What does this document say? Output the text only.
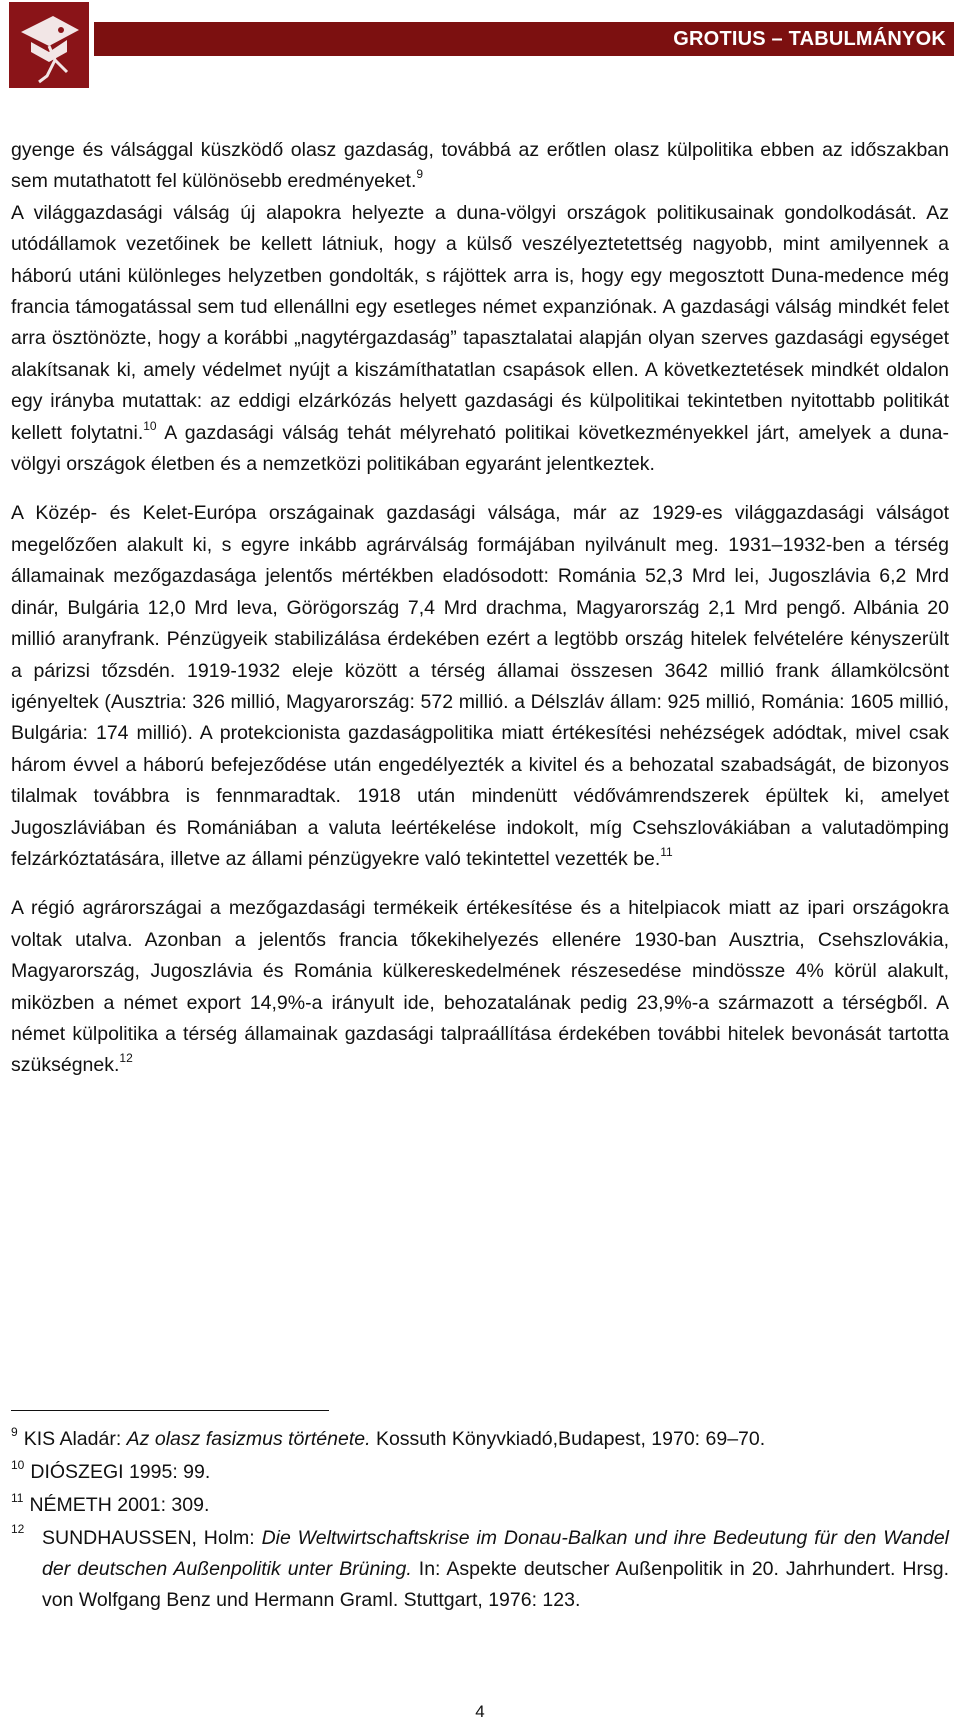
GROTIUS – TABULMÁNYOK

gyenge és válsággal küszködő olasz gazdaság, továbbá az erőtlen olasz külpolitika ebben az időszakban sem mutathatott fel különösebb eredményeket.$^9$

A világgazdasági válság új alapokra helyezte a duna-völgyi országok politikusainak gondolkodását. Az utódállamok vezetőinek be kellett látniuk, hogy a külső veszélyeztetettség nagyobb, mint amilyennek a háború utáni különleges helyzetben gondolták, s rájöttek arra is, hogy egy megosztott Duna-medence még francia támogatással sem tud ellenállni egy esetleges német expanziónak. A gazdasági válság mindkét felet arra ösztönözte, hogy a korábbi „nagytérgazdaság” tapasztalatai alapján olyan szerves gazdasági egységet alakítsanak ki, amely védelmet nyújt a kiszámíthatatlan csapások ellen. A következtetések mindkét oldalon egy irányba mutattak: az eddigi elzárkózás helyett gazdasági és külpolitikai tekintetben nyitottabb politikát kellett folytatni.$^{10}$ A gazdasági válság tehát mélyreható politikai következményekkel járt, amelyek a duna-völgyi országok életben és a nemzetközi politikában egyaránt jelentkeztek.

A Közép- és Kelet-Európa országainak gazdasági válsága, már az 1929-es világgazdasági válságot megelőzően alakult ki, s egyre inkább agrárválság formájában nyilvánult meg. 1931–1932-ben a térség államainak mezőgazdasága jelentős mértékben eladósodott: Románia 52,3 Mrd lei, Jugoszlávia 6,2 Mrd dinár, Bulgária 12,0 Mrd leva, Görögország 7,4 Mrd drachma, Magyarország 2,1 Mrd pengő. Albánia 20 millió aranyfrank. Pénzügyeik stabilizálása érdekében ezért a legtöbb ország hitelek felvételére kényszerült a párizsi tőzsdén. 1919-1932 eleje között a térség államai összesen 3642 millió frank államkölcsönt igényeltek (Ausztria: 326 millió, Magyarország: 572 millió. a Délszláv állam: 925 millió, Románia: 1605 millió, Bulgária: 174 millió). A protekcionista gazdaságpolitika miatt értékesítési nehézségek adódtak, mivel csak három évvel a háború befejeződése után engedélyezték a kivitel és a behozatal szabadságát, de bizonyos tilalmak továbbra is fennmaradtak. 1918 után mindenütt védővámrendszerek épültek ki, amelyet Jugoszláviában és Romániában a valuta leértékelése indokolt, míg Csehszlovákiában a valutadömping felzárkóztatására, illetve az állami pénzügyekre való tekintettel vezették be.$^{11}$

A régió agrárországai a mezőgazdasági termékeik értékesítése és a hitelpiacok miatt az ipari országokra voltak utalva. Azonban a jelentős francia tőkekihelyezés ellenére 1930-ban Ausztria, Csehszlovákia, Magyarország, Jugoszlávia és Románia külkereskedelmének részesedése mindössze 4% körül alakult, miközben a német export 14,9%-a irányult ide, behozatalának pedig 23,9%-a származott a térségből. A német külpolitika a térség államainak gazdasági talpraállítása érdekében további hitelek bevonását tartotta szükségnek.$^{12}$

$^9$ KIS Aladár: Az olasz fasizmus története. Kossuth Könyvkiadó,Budapest, 1970: 69–70.
$^{10}$ DIÓSZEGI 1995: 99.
$^{11}$ NÉMETH 2001: 309.
12 SUNDHAUSSEN, Holm: Die Weltwirtschaftskrise im Donau-Balkan und ihre Bedeutung für den Wandel der deutschen Außenpolitik unter Brüning. In: Aspekte deutscher Außenpolitik in 20. Jahrhundert. Hrsg. von Wolfgang Benz und Hermann Graml. Stuttgart, 1976: 123.
4
